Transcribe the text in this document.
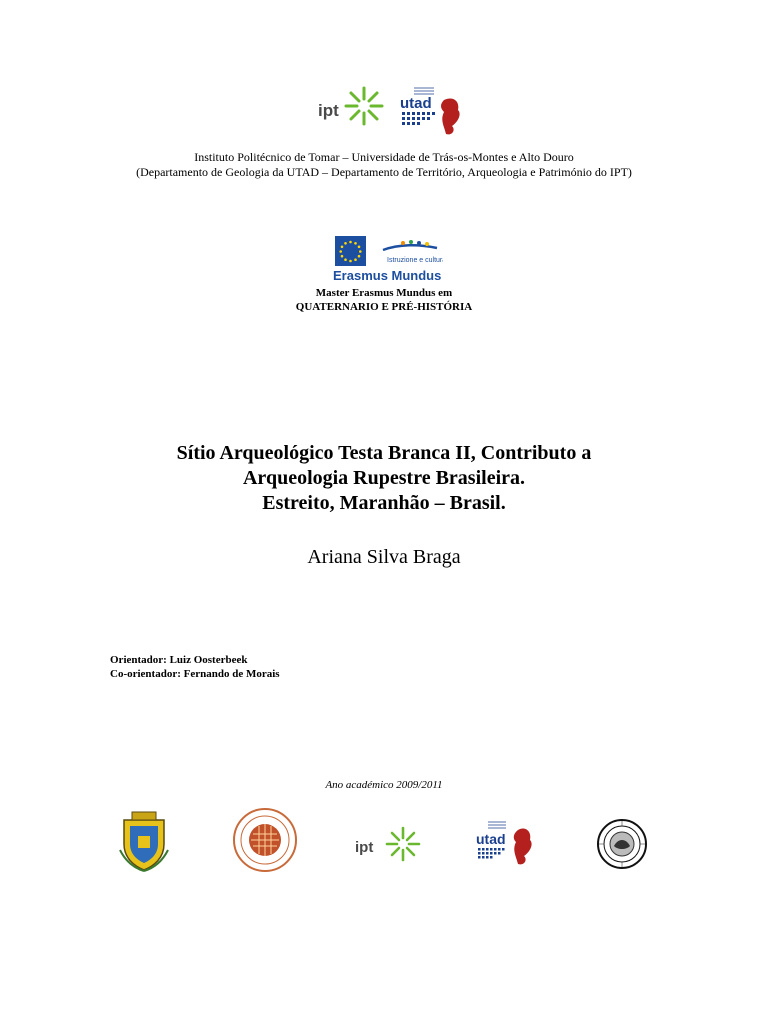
ipt	utad
Instituto Politécnico de Tomar – Universidade de Trás-os-Montes e Alto Douro
(Departamento de Geologia da UTAD – Departamento de Território, Arqueologia e Património do IPT)
Istruzione e cultura
Erasmus Mundus
Master Erasmus Mundus em
QUATERNARIO E PRÉ-HISTÓRIA
Sítio Arqueológico Testa Branca II, Contributo a
Arqueologia Rupestre Brasileira.
Estreito, Maranhão – Brasil.
Ariana Silva Braga
Orientador: Luiz Oosterbeek
Co-orientador: Fernando de Morais
Ano académico 2009/2011
ipt	utad
